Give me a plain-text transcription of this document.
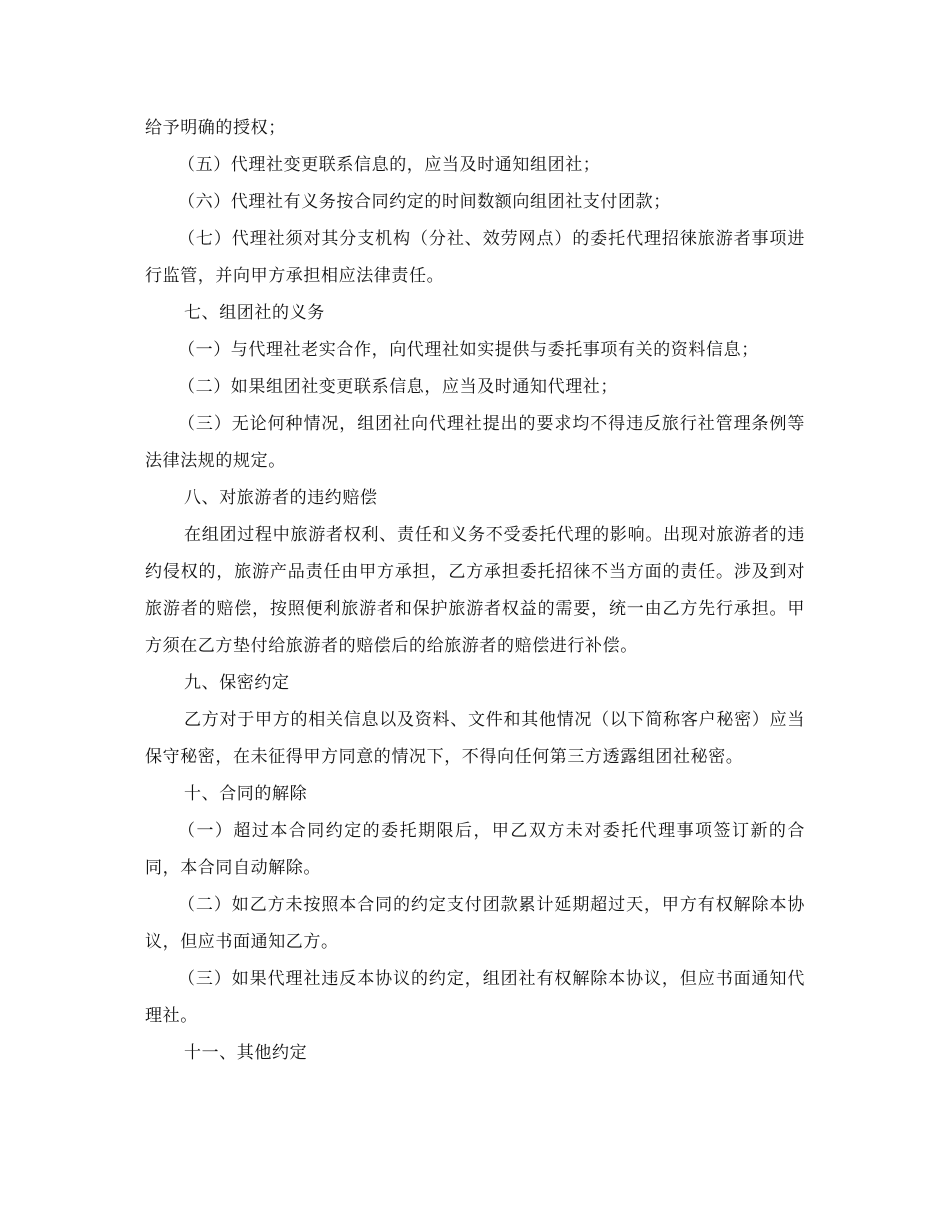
给予明确的授权；

（五）代理社变更联系信息的，应当及时通知组团社；

（六）代理社有义务按合同约定的时间数额向组团社支付团款；

（七）代理社须对其分支机构（分社、效劳网点）的委托代理招徕旅游者事项进行监管，并向甲方承担相应法律责任。

七、组团社的义务

（一）与代理社老实合作，向代理社如实提供与委托事项有关的资料信息；

（二）如果组团社变更联系信息，应当及时通知代理社；

（三）无论何种情况，组团社向代理社提出的要求均不得违反旅行社管理条例等法律法规的规定。

八、对旅游者的违约赔偿

在组团过程中旅游者权利、责任和义务不受委托代理的影响。出现对旅游者的违约侵权的，旅游产品责任由甲方承担，乙方承担委托招徕不当方面的责任。涉及到对旅游者的赔偿，按照便利旅游者和保护旅游者权益的需要，统一由乙方先行承担。甲方须在乙方垫付给旅游者的赔偿后的给旅游者的赔偿进行补偿。

九、保密约定

乙方对于甲方的相关信息以及资料、文件和其他情况（以下简称客户秘密）应当保守秘密，在未征得甲方同意的情况下，不得向任何第三方透露组团社秘密。

十、合同的解除

（一）超过本合同约定的委托期限后，甲乙双方未对委托代理事项签订新的合同，本合同自动解除。

（二）如乙方未按照本合同的约定支付团款累计延期超过天，甲方有权解除本协议，但应书面通知乙方。

（三）如果代理社违反本协议的约定，组团社有权解除本协议，但应书面通知代理社。

十一、其他约定
